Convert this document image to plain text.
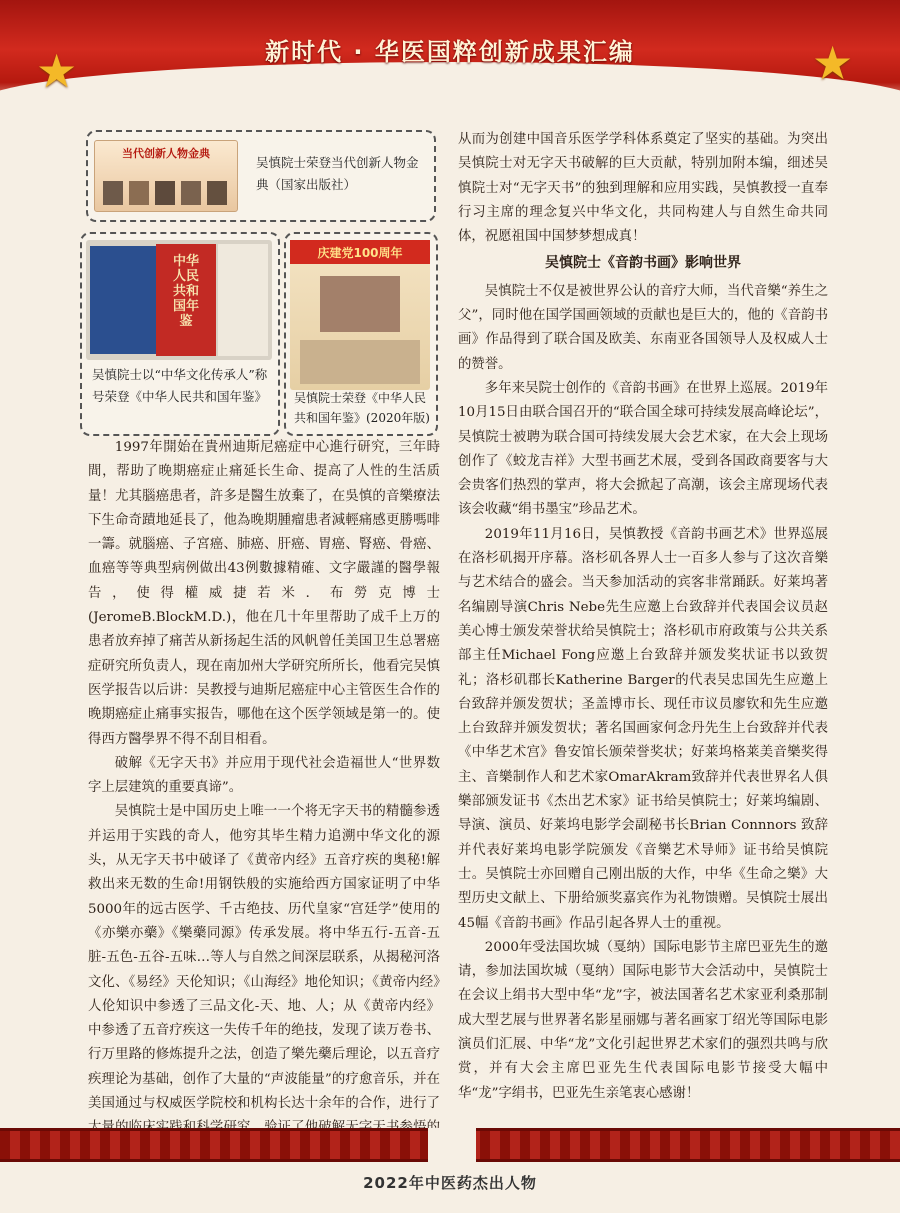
★	★
新时代 · 华医国粹创新成果汇编
当代创新人物金典
吴慎院士荣登当代创新人物金典（国家出版社）
中华人民共和国年鉴
吴慎院士以“中华文化传承人”称号荣登《中华人民共和国年鉴》
庆建党100周年
吴慎院士荣登《中华人民共和国年鉴》(2020年版)

1997年開始在貴州迪斯尼癌症中心進行研究，三年時間，帮助了晚期癌症止痛延长生命、提高了人性的生活质量！尤其腦癌患者，許多是醫生放棄了，在吳慎的音樂療法下生命奇蹟地延長了，他為晚期腫瘤患者減輕痛感更勝嗎啡一籌。就腦癌、子宮癌、肺癌、肝癌、胃癌、腎癌、骨癌、血癌等等典型病例做出43例數據精確、文字嚴謹的醫學報告，使得權威捷若米．布勞克博士(JeromeB.BlockM.D.)，他在几十年里帮助了成千上万的患者放弃掉了痛苦从新扬起生活的风帆曾任美国卫生总署癌症研究所负责人，现在南加州大学研究所所长，他看完吴慎医学报告以后讲：吴教授与迪斯尼癌症中心主管医生合作的晚期癌症止痛事实报告，哪他在这个医学领域是第一的。使得西方醫學界不得不刮目相看。

破解《无字天书》并应用于现代社会造福世人“世界数字上层建筑的重要真谛”。

吴慎院士是中国历史上唯一一个将无字天书的精髓参透并运用于实践的奇人，他穷其毕生精力追溯中华文化的源头，从无字天书中破译了《黄帝内经》五音疗疾的奥秘!解救出来无数的生命!用钢铁般的实施给西方国家证明了中华5000年的远古医学、千古绝技、历代皇家“宫廷学”使用的《亦樂亦藥》《樂藥同源》传承发展。将中华五行-五音-五脏-五色-五谷-五味…等人与自然之间深层联系，从揭秘河洛文化、《易经》天伦知识；《山海经》地伦知识；《黄帝内经》人伦知识中参透了三品文化-天、地、人；从《黄帝内经》中参透了五音疗疾这一失传千年的绝技，发现了读万卷书、行万里路的修炼提升之法，创造了樂先藥后理论，以五音疗疾理论为基础，创作了大量的“声波能量”的疗愈音乐，并在美国通过与权威医学院校和机构长达十余年的合作，进行了

从而为创建中国音乐医学学科体系奠定了坚实的基础。为突出吴慎院士对无字天书破解的巨大贡献，特别加附本编，细述吴慎院士对“无字天书”的独到理解和应用实践，吴慎教授一直奉行习主席的理念复兴中华文化，共同构建人与自然生命共同体，祝愿祖国中国梦梦想成真！

吴慎院士《音韵书画》影响世界

吴慎院士不仅是被世界公认的音疗大师，当代音樂“养生之父”，同时他在国学国画领域的贡献也是巨大的，他的《音韵书画》作品得到了联合国及欧美、东南亚各国领导人及权威人士的赞誉。

多年来吴院士创作的《音韵书画》在世界上巡展。2019年10月15日由联合国召开的“联合国全球可持续发展高峰论坛”，吴慎院士被聘为联合国可持续发展大会艺术家，在大会上现场创作了《蛟龙吉祥》大型书画艺术展，受到各国政商要客与大会贵客们热烈的掌声，将大会掀起了高潮，该会主席现场代表该会收藏“绢书墨宝”珍品艺术。

2019年11月16日，吴慎教授《音韵书画艺术》世界巡展在洛杉矶揭开序幕。洛杉矶各界人士一百多人参与了这次音樂与艺术结合的盛会。当天参加活动的宾客非常踊跃。好莱坞著名编剧导演Chris Nebe先生应邀上台致辞并代表国会议员赵美心博士颁发荣誉状给吴慎院士；洛杉矶市府政策与公共关系部主任Michael Fong应邀上台致辞并颁发奖状证书以致贺礼；洛杉矶郡长Katherine Barger的代表吴忠国先生应邀上台致辞并颁发贺状；圣盖博市长、现任市议员廖钦和先生应邀上台致辞并颁发贺状；著名国画家何念丹先生上台致辞并代表《中华艺术宫》鲁安馆长颁荣誉奖状；好莱坞格莱美音樂奖得主、音樂制作人和艺术家OmarAkram致辞并代表世界名人俱樂部颁发证书《杰出艺术家》证书给吴慎院士；好莱坞编剧、导演、演员、好莱坞电影学会副秘书长Brian Connnors 致辞并代表好莱坞电影学院颁发《音樂艺术导师》证书给吴慎院士。吴慎院士亦回赠自己刚出版的大作，中华《生命之樂》大型历史文献上、下册给颁奖嘉宾作为礼物馈赠。吴慎院士展出45幅《音韵书画》作品引起各界人士的重视。

2000年受法国坎城（戛纳）国际电影节主席巴亚先生的邀请，参加法国坎城（戛纳）国际电影节大会活动中，吴慎院士在会议上绢书大型中华“龙”字，被法国著名艺术家亚利桑那制成大型艺展与世界著名影星丽娜与著名画家丁绍光等国际电影演员们汇展、中华“龙”文化引起世界艺术家们的强烈共鸣与欣赏，并有大会主席巴亚先生代表国际电影节接受大幅中华“龙”字绢书，巴亚先生亲笔衷心感谢！

2022年中医药杰出人物
